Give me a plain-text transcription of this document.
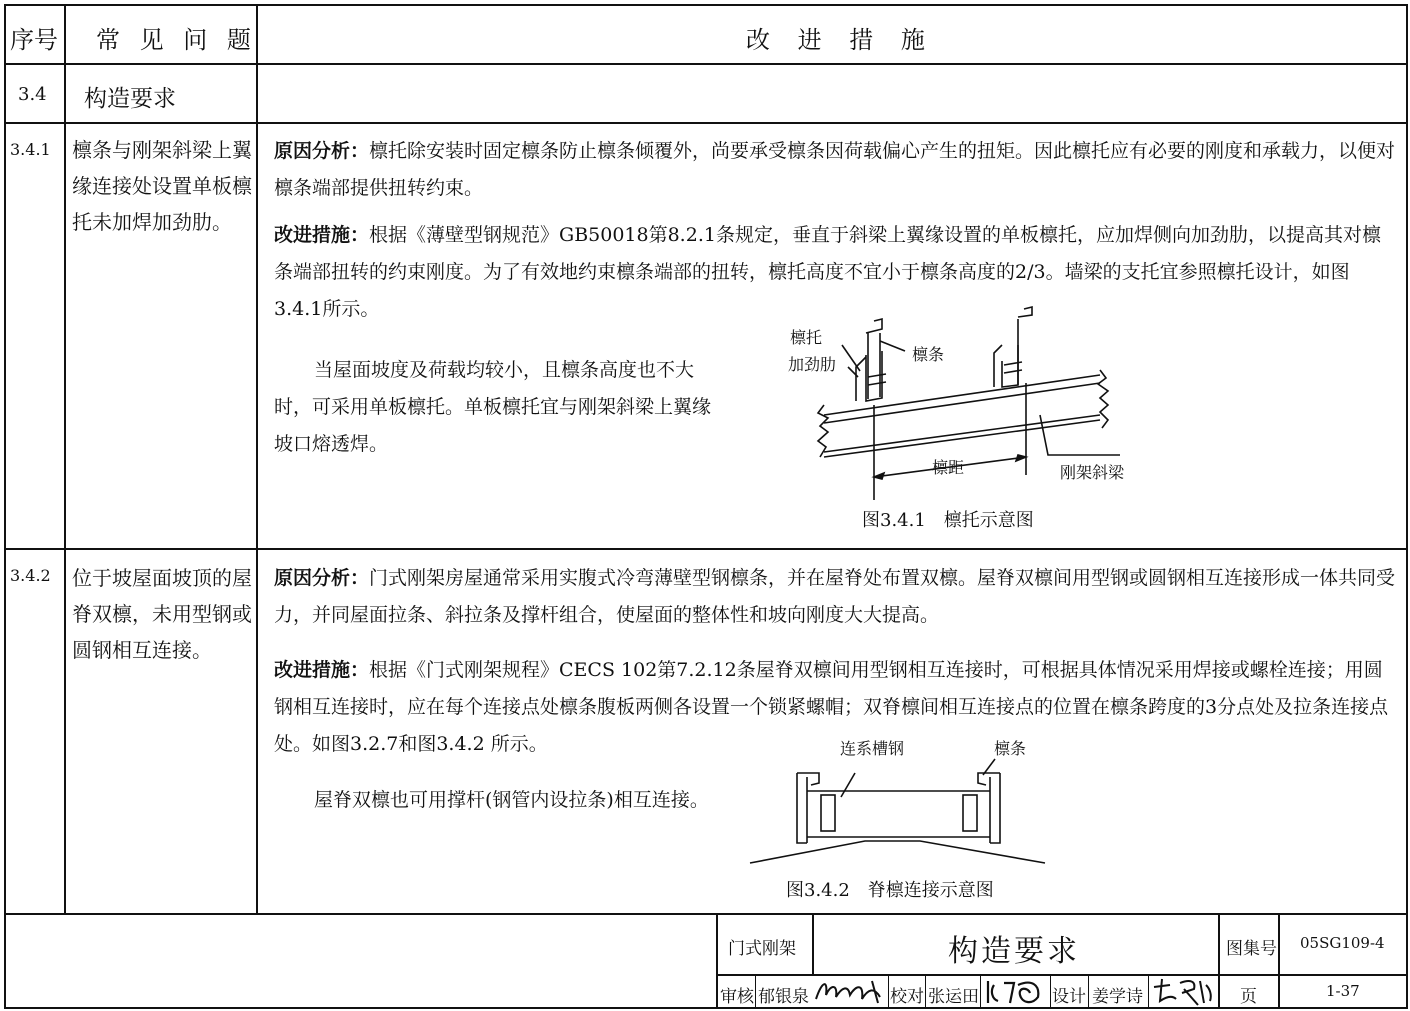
序号 常 见 问 题	改 进 措 施
3.4 构造要求
3.4.1 檩条与刚架斜梁上翼缘连接处设置单板檩托未加焊加劲肋。
原因分析：檩托除安装时固定檩条防止檩条倾覆外，尚要承受檩条因荷载偏心产生的扭矩。因此檩托应有必要的刚度和承载力，以便对檩条端部提供扭转约束。
改进措施：根据《薄壁型钢规范》GB50018第8.2.1条规定，垂直于斜梁上翼缘设置的单板檩托，应加焊侧向加劲肋，以提高其对檩条端部扭转的约束刚度。为了有效地约束檩条端部的扭转，檩托高度不宜小于檩条高度的2/3。墙梁的支托宜参照檩托设计，如图3.4.1所示。
当屋面坡度及荷载均较小，且檩条高度也不大时，可采用单板檩托。单板檩托宜与刚架斜梁上翼缘坡口熔透焊。
檩托
加劲肋
檩条
檩距	刚架斜梁
图3.4.1　檩托示意图
3.4.2 位于坡屋面坡顶的屋脊双檩，未用型钢或圆钢相互连接。
原因分析：门式刚架房屋通常采用实腹式冷弯薄壁型钢檩条，并在屋脊处布置双檩。屋脊双檩间用型钢或圆钢相互连接形成一体共同受力，并同屋面拉条、斜拉条及撑杆组合，使屋面的整体性和坡向刚度大大提高。
改进措施：根据《门式刚架规程》CECS 102第7.2.12条屋脊双檩间用型钢相互连接时，可根据具体情况采用焊接或螺栓连接；用圆钢相互连接时，应在每个连接点处檩条腹板两侧各设置一个锁紧螺帽；双脊檩间相互连接点的位置在檩条跨度的3分点处及拉条连接点处。如图3.2.7和图3.4.2 所示。
屋脊双檩也可用撑杆(钢管内设拉条)相互连接。
连系槽钢	檩条
图3.4.2　脊檩连接示意图
门式刚架	构造要求	图集号 05SG109-4
审核 郁银泉	校对 张运田	设计 姜学诗	页	1-37
